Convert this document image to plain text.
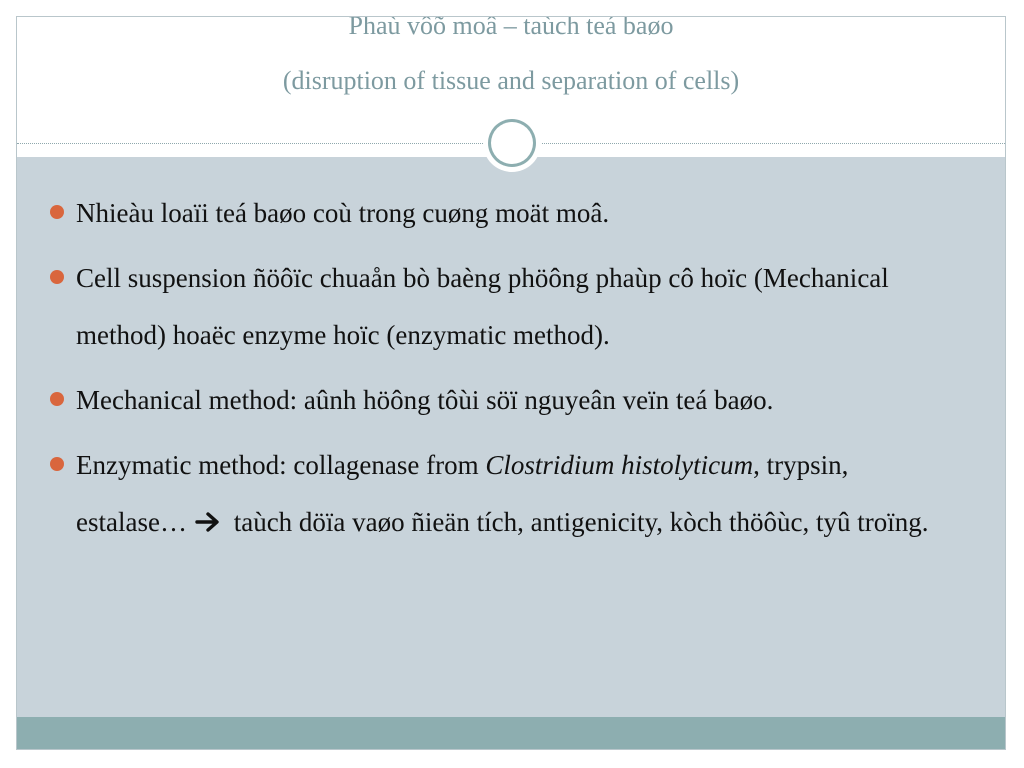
Phaù vôõ moâ – taùch teá baøo
(disruption of tissue and separation of cells)
Nhieàu loaïi teá baøo coù trong cuøng moät moâ.
Cell suspension ñöôïc chuaån bò baèng phöông phaùp cô hoïc (Mechanical method) hoaëc enzyme hoïc (enzymatic method).
Mechanical method: aûnh höông tôùi söï nguyeân veïn teá baøo.
Enzymatic method: collagenase from Clostridium histolyticum, trypsin, estalase… taùch döïa vaøo ñieän tích, antigenicity, kòch thöôùc, tyû troïng.
